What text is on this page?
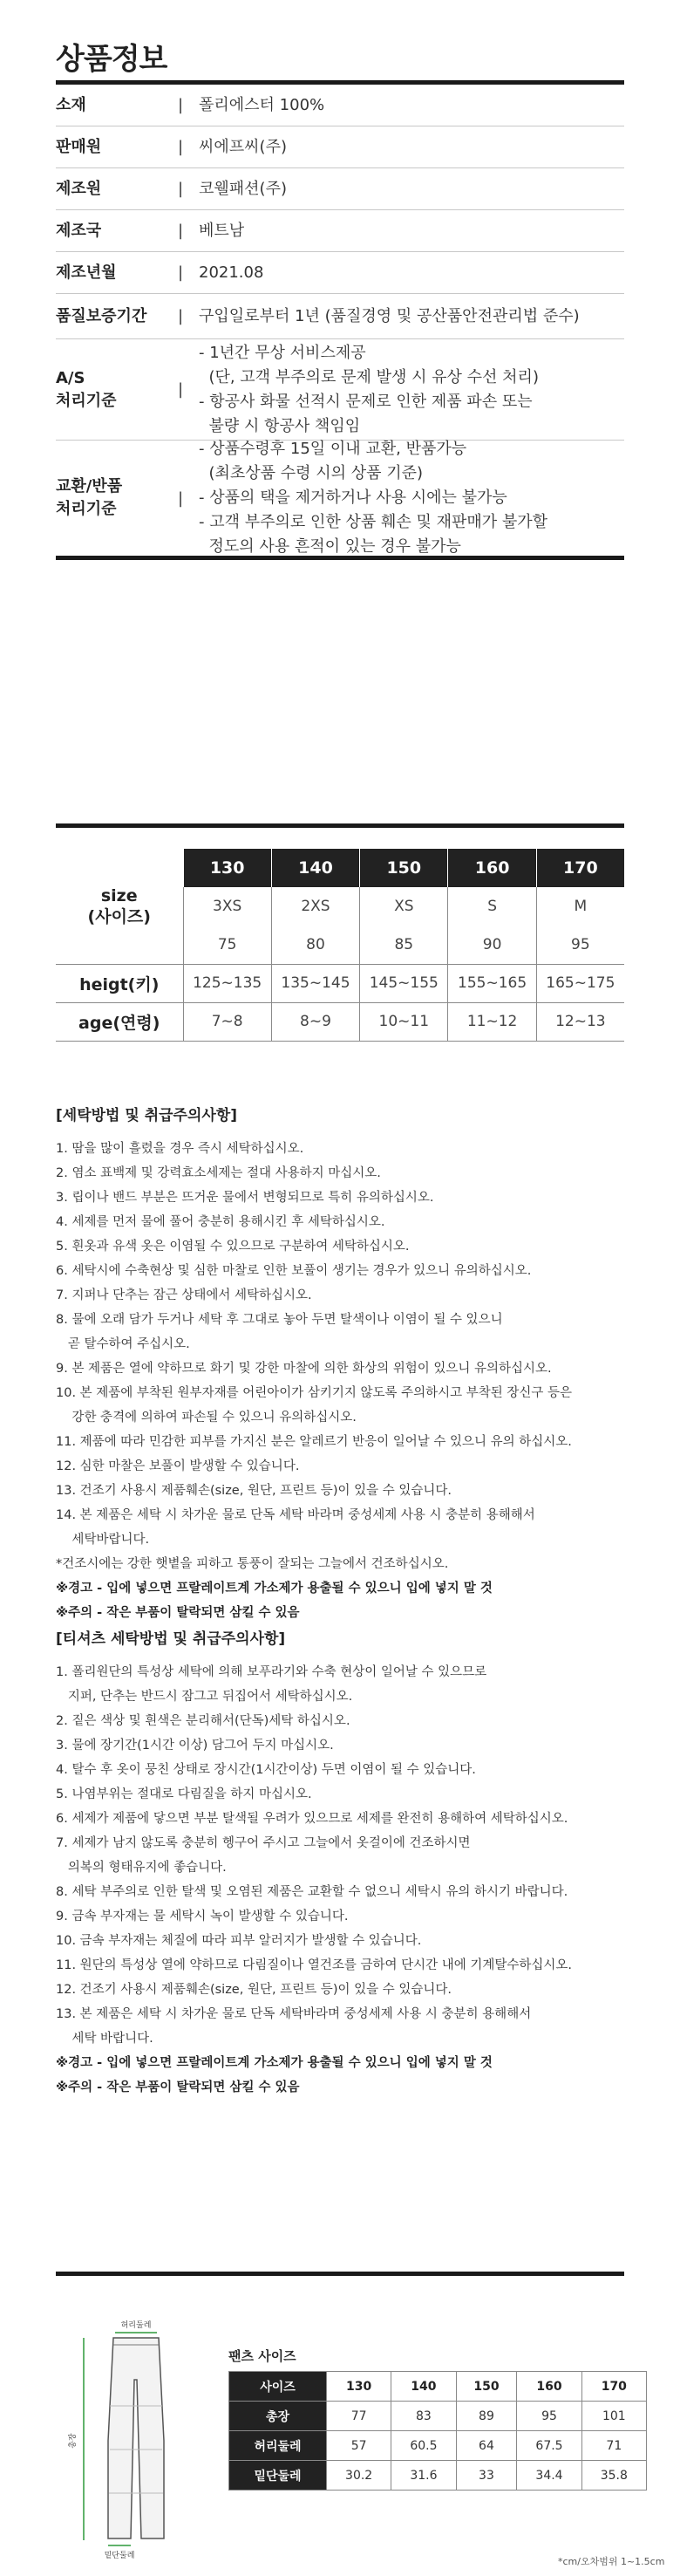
상품정보
소재	| 폴리에스터 100%
판매원	| 씨에프씨(주)
제조원	| 코웰패션(주)
제조국	| 베트남
제조년월	| 2021.08
품질보증기간	| 구입일로부터 1년 (품질경영 및 공산품안전관리법 준수)
A/S
처리기준
|
- 1년간 무상 서비스제공
(단, 고객 부주의로 문제 발생 시 유상 수선 처리)
- 항공사 화물 선적시 문제로 인한 제품 파손 또는
불량 시 항공사 책임임
교환/반품
처리기준
|
- 상품수령후 15일 이내 교환, 반품가능
(최초상품 수령 시의 상품 기준)
- 상품의 택을 제거하거나 사용 시에는 불가능
- 고객 부주의로 인한 상품 훼손 및 재판매가 불가할
정도의 사용 흔적이 있는 경우 불가능
size
(사이즈)	130	140	150	160	170
	3XS	2XS	XS	S	M
	75	80	85	90	95
heigt(키)	125~135	135~145	145~155	155~165	165~175
age(연령)	7~8	8~9	10~11	11~12	12~13
[세탁방법 및 취급주의사항]
1. 땀을 많이 흘렸을 경우 즉시 세탁하십시오.
2. 염소 표백제 및 강력효소세제는 절대 사용하지 마십시오.
3. 립이나 밴드 부분은 뜨거운 물에서 변형되므로 특히 유의하십시오.
4. 세제를 먼저 물에 풀어 충분히 용해시킨 후 세탁하십시오.
5. 흰옷과 유색 옷은 이염될 수 있으므로 구분하여 세탁하십시오.
6. 세탁시에 수축현상 및 심한 마찰로 인한 보풀이 생기는 경우가 있으니 유의하십시오.
7. 지퍼나 단추는 잠근 상태에서 세탁하십시오.
8. 물에 오래 담가 두거나 세탁 후 그대로 놓아 두면 탈색이나 이염이 될 수 있으니
곧 탈수하여 주십시오.
9. 본 제품은 열에 약하므로 화기 및 강한 마찰에 의한 화상의 위험이 있으니 유의하십시오.
10. 본 제품에 부착된 원부자재를 어린아이가 삼키기지 않도록 주의하시고 부착된 장신구 등은
강한 충격에 의하여 파손될 수 있으니 유의하십시오.
11. 제품에 따라 민감한 피부를 가지신 분은 알레르기 반응이 일어날 수 있으니 유의 하십시오.
12. 심한 마찰은 보풀이 발생할 수 있습니다.
13. 건조기 사용시 제품훼손(size, 원단, 프린트 등)이 있을 수 있습니다.
14. 본 제품은 세탁 시 차가운 물로 단독 세탁 바라며 중성세제 사용 시 충분히 용해해서
세탁바랍니다.
*건조시에는 강한 햇볕을 피하고 통풍이 잘되는 그늘에서 건조하십시오.
※경고 - 입에 넣으면 프랄레이트계 가소제가 용출될 수 있으니 입에 넣지 말 것
※주의 - 작은 부품이 탈락되면 삼킬 수 있음
[티셔츠 세탁방법 및 취급주의사항]
1. 폴리원단의 특성상 세탁에 의해 보푸라기와 수축 현상이 일어날 수 있으므로
지퍼, 단추는 반드시 잠그고 뒤집어서 세탁하십시오.
2. 짙은 색상 및 흰색은 분리해서(단독)세탁 하십시오.
3. 물에 장기간(1시간 이상) 담그어 두지 마십시오.
4. 탈수 후 옷이 뭉친 상태로 장시간(1시간이상) 두면 이염이 될 수 있습니다.
5. 나염부위는 절대로 다림질을 하지 마십시오.
6. 세제가 제품에 닿으면 부분 탈색될 우려가 있으므로 세제를 완전히 용해하여 세탁하십시오.
7. 세제가 남지 않도록 충분히 헹구어 주시고 그늘에서 옷걸이에 건조하시면
의복의 형태유지에 좋습니다.
8. 세탁 부주의로 인한 탈색 및 오염된 제품은 교환할 수 없으니 세탁시 유의 하시기 바랍니다.
9. 금속 부자재는 물 세탁시 녹이 발생할 수 있습니다.
10. 금속 부자재는 체질에 따라 피부 알러지가 발생할 수 있습니다.
11. 원단의 특성상 열에 약하므로 다림질이나 열건조를 금하여 단시간 내에 기계탈수하십시오.
12. 건조기 사용시 제품훼손(size, 원단, 프린트 등)이 있을 수 있습니다.
13. 본 제품은 세탁 시 차가운 물로 단독 세탁바라며 중성세제 사용 시 충분히 용해해서
세탁 바랍니다.
※경고 - 입에 넣으면 프랄레이트계 가소제가 용출될 수 있으니 입에 넣지 말 것
※주의 - 작은 부품이 탈락되면 삼킬 수 있음
허리둘레
총장
밑단둘레
팬츠 사이즈
사이즈	130	140	150	160	170
총장	77	83	89	95	101
허리둘레	57	60.5	64	67.5	71
밑단둘레	30.2	31.6	33	34.4	35.8
*cm/오차범위 1~1.5cm
